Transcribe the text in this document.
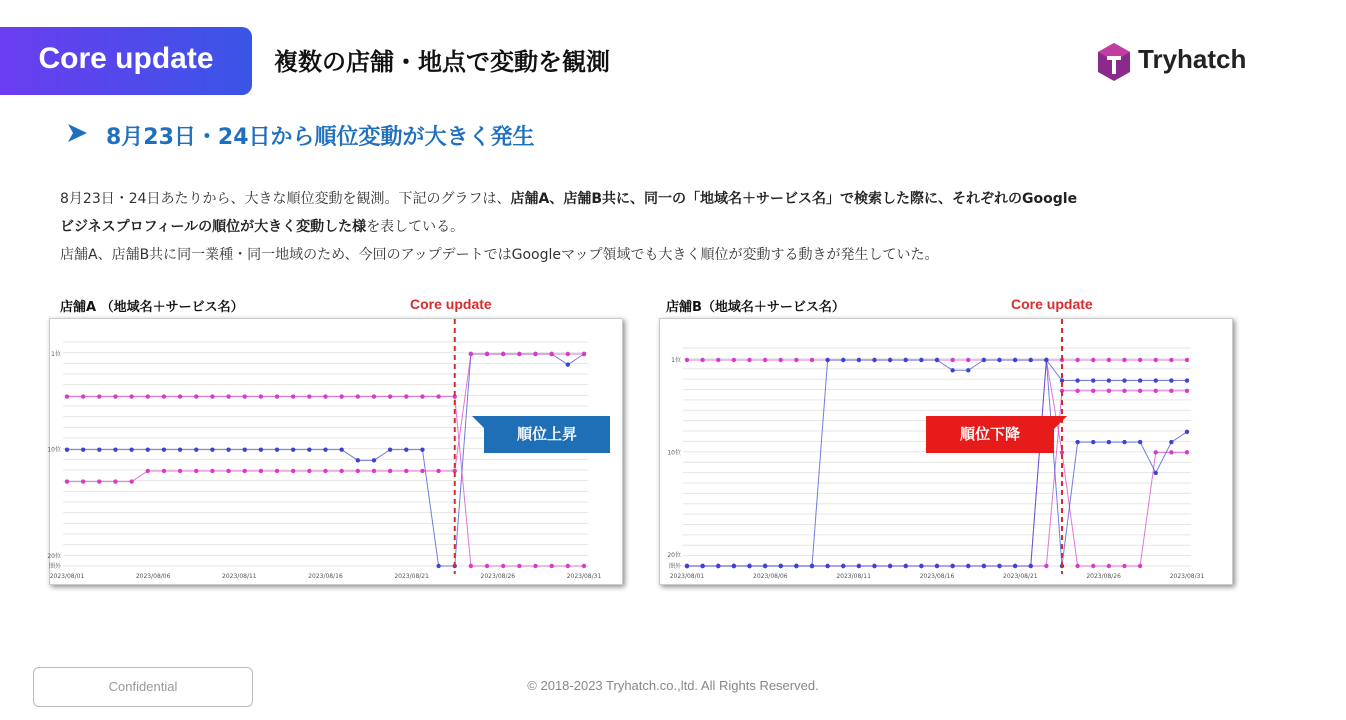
Core update	複数の店舗・地点で変動を観測	Tryhatch
8月23日・24日から順位変動が大きく発生
8月23日・24日あたりから、大きな順位変動を観測。下記のグラフは、店舗A、店舗B共に、同一の「地域名＋サービス名」で検索した際に、それぞれのGoogle
ビジネスプロフィールの順位が大きく変動した様を表している。
店舗A、店舗B共に同一業種・同一地域のため、今回のアップデートではGoogleマップ領域でも大きく順位が変動する動きが発生していた。
店舗A （地域名＋サービス名）	Core update
1位
10位
20位
圏外
2023/08/01	2023/08/06	2023/08/11	2023/08/16	2023/08/21	2023/08/26	2023/08/31
順位上昇
店舗B（地域名＋サービス名）	Core update
1位
10位
20位
圏外
2023/08/01	2023/08/06	2023/08/11	2023/08/16	2023/08/21	2023/08/26	2023/08/31
順位下降
Confidential	© 2018-2023 Tryhatch.co.,ltd. All Rights Reserved.
